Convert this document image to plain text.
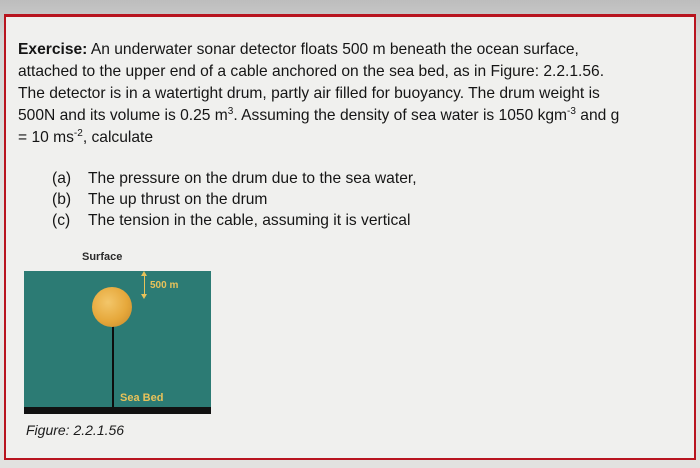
Exercise: An underwater sonar detector floats 500 m beneath the ocean surface,
attached to the upper end of a cable anchored on the sea bed, as in Figure: 2.2.1.56.
The detector is in a watertight drum, partly air filled for buoyancy. The drum weight is
500N and its volume is 0.25 $m^3$. Assuming the density of sea water is 1050 kgm$^{-3}$ and g
= 10 $ms^{-2}$, calculate
(a)	The pressure on the drum due to the sea water,
(b)	The up thrust on the drum
(c)	The tension in the cable, assuming it is vertical
Surface
500 m
Sea Bed
Figure: 2.2.1.56
